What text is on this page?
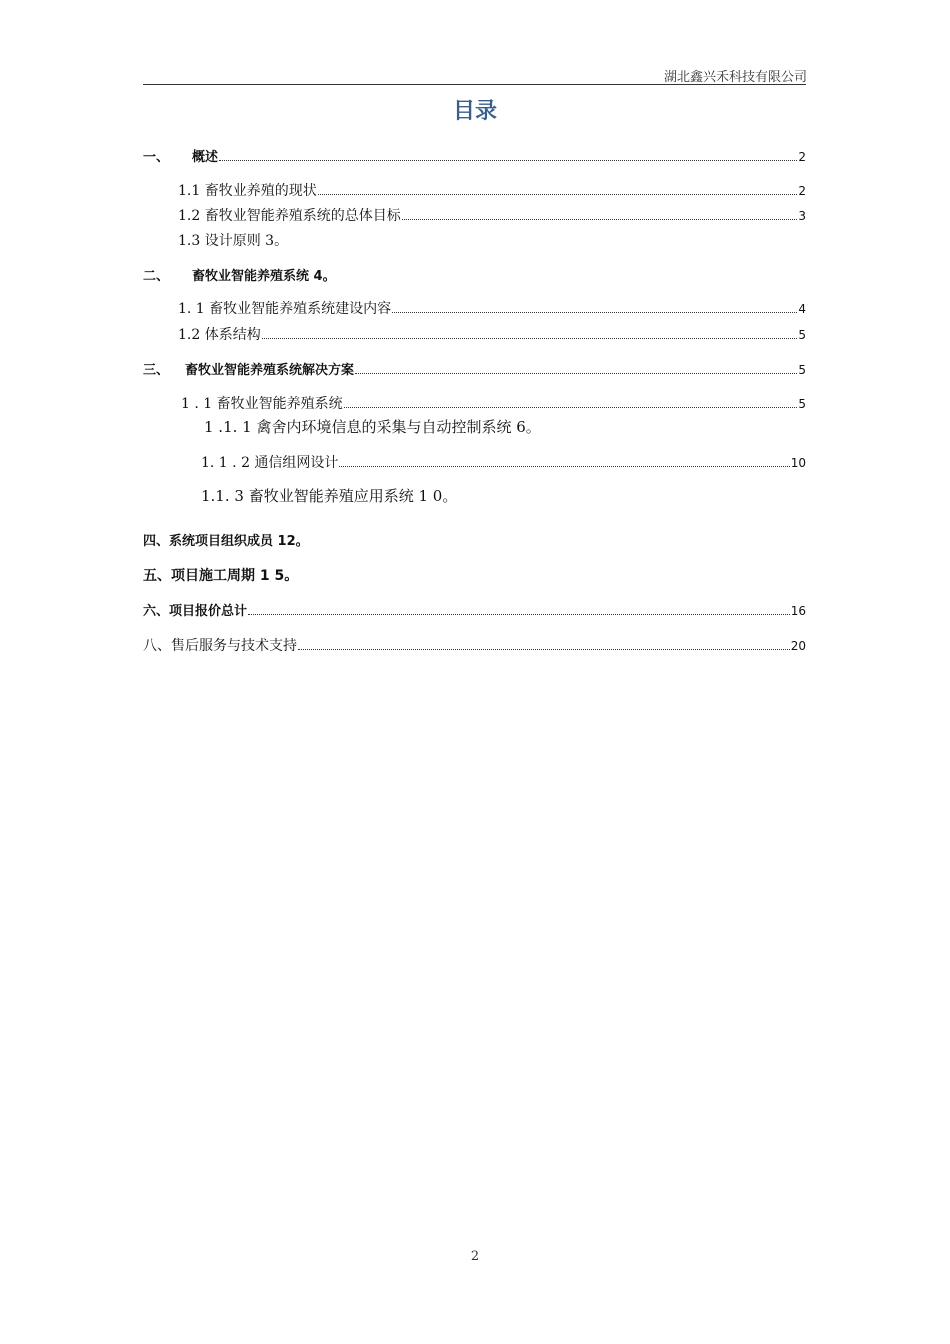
湖北鑫兴禾科技有限公司
目录
一、	概述	2
1.1 畜牧业养殖的现状	2
1.2 畜牧业智能养殖系统的总体目标	3
1.3 设计原则 3。
二、	畜牧业智能养殖系统 4。
1. 1 畜牧业智能养殖系统建设内容	4
1.2 体系结构	5
三、	畜牧业智能养殖系统解决方案	5
1 . 1 畜牧业智能养殖系统	5
1 .1. 1 禽舍内环境信息的采集与自动控制系统 6。
1. 1 . 2 通信组网设计	10
1.1. 3 畜牧业智能养殖应用系统 1 0。
四、系统项目组织成员 12。
五、项目施工周期 1 5。
六、项目报价总计	16
八、售后服务与技术支持	20
2
